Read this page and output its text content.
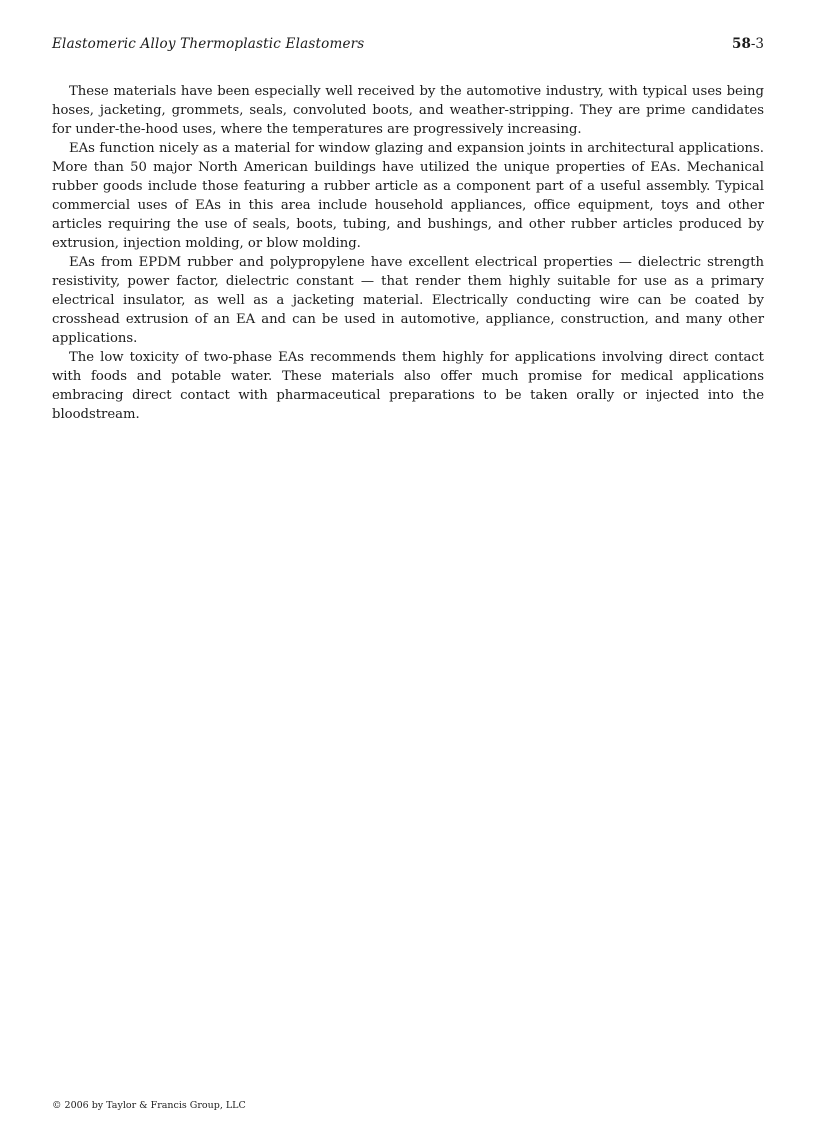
Elastomeric Alloy Thermoplastic Elastomers	58-3

These materials have been especially well received by the automotive industry, with typical uses being hoses, jacketing, grommets, seals, convoluted boots, and weather-stripping. They are prime candidates for under-the-hood uses, where the temperatures are progressively increasing.

EAs function nicely as a material for window glazing and expansion joints in architectural applications. More than 50 major North American buildings have utilized the unique properties of EAs. Mechanical rubber goods include those featuring a rubber article as a component part of a useful assembly. Typical commercial uses of EAs in this area include household appliances, office equipment, toys and other articles requiring the use of seals, boots, tubing, and bushings, and other rubber articles produced by extrusion, injection molding, or blow molding.

EAs from EPDM rubber and polypropylene have excellent electrical properties — dielectric strength resistivity, power factor, dielectric constant — that render them highly suitable for use as a primary electrical insulator, as well as a jacketing material. Electrically conducting wire can be coated by crosshead extrusion of an EA and can be used in automotive, appliance, construction, and many other applications.

The low toxicity of two-phase EAs recommends them highly for applications involving direct contact with foods and potable water. These materials also offer much promise for medical applications embracing direct contact with pharmaceutical preparations to be taken orally or injected into the bloodstream.

© 2006 by Taylor & Francis Group, LLC
